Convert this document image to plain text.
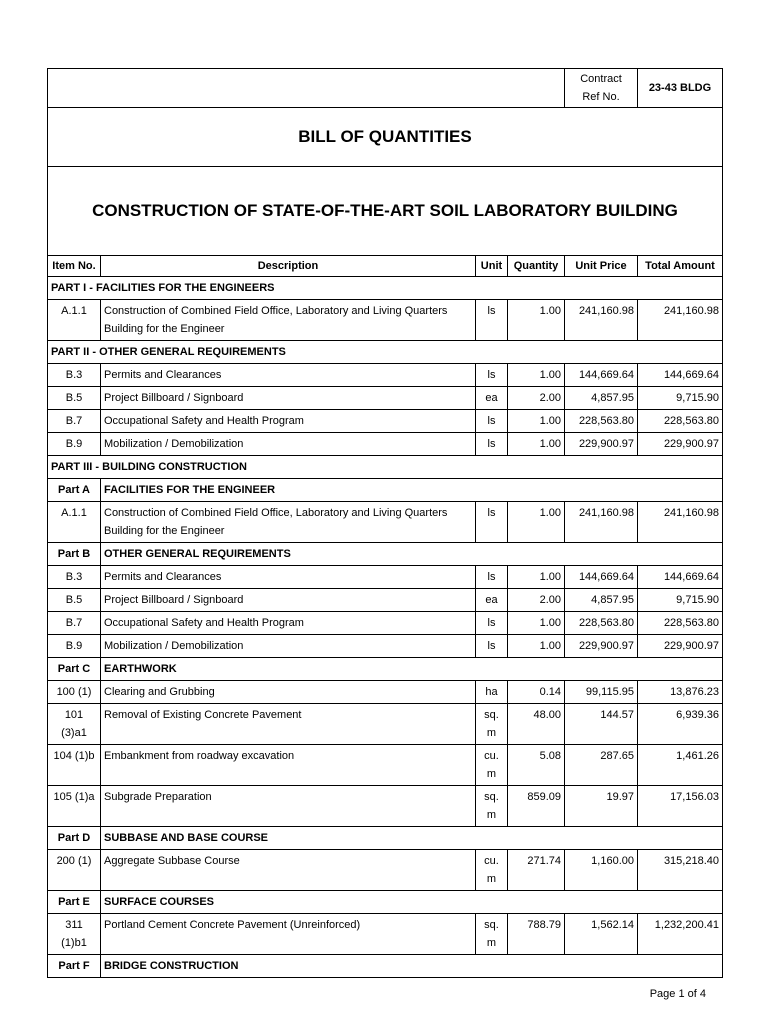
				Contract
Ref No.	23-43 BLDG
BILL OF QUANTITIES					
CONSTRUCTION OF STATE-OF-THE-ART SOIL LABORATORY BUILDING					
Item No.	Description	Unit	Quantity	Unit Price	Total Amount
PART I - FACILITIES FOR THE ENGINEERS					
A.1.1	Construction of Combined Field Office, Laboratory and Living Quarters Building for the Engineer	ls	1.00	241,160.98	241,160.98
PART II - OTHER GENERAL REQUIREMENTS					
B.3	Permits and Clearances	ls	1.00	144,669.64	144,669.64
B.5	Project Billboard / Signboard	ea	2.00	4,857.95	9,715.90
B.7	Occupational Safety and Health Program	ls	1.00	228,563.80	228,563.80
B.9	Mobilization / Demobilization	ls	1.00	229,900.97	229,900.97
PART III - BUILDING CONSTRUCTION					
Part A	FACILITIES FOR THE ENGINEER				
A.1.1	Construction of Combined Field Office, Laboratory and Living Quarters Building for the Engineer	ls	1.00	241,160.98	241,160.98
Part B	OTHER GENERAL REQUIREMENTS				
B.3	Permits and Clearances	ls	1.00	144,669.64	144,669.64
B.5	Project Billboard / Signboard	ea	2.00	4,857.95	9,715.90
B.7	Occupational Safety and Health Program	ls	1.00	228,563.80	228,563.80
B.9	Mobilization / Demobilization	ls	1.00	229,900.97	229,900.97
Part C	EARTHWORK				
100 (1)	Clearing and Grubbing	ha	0.14	99,115.95	13,876.23
101 (3)a1	Removal of Existing Concrete Pavement	sq. m	48.00	144.57	6,939.36
104 (1)b	Embankment from roadway excavation	cu. m	5.08	287.65	1,461.26
105 (1)a	Subgrade Preparation	sq. m	859.09	19.97	17,156.03
Part D	SUBBASE AND BASE COURSE				
200 (1)	Aggregate Subbase Course	cu. m	271.74	1,160.00	315,218.40
Part E	SURFACE COURSES				
311 (1)b1	Portland Cement Concrete Pavement (Unreinforced)	sq. m	788.79	1,562.14	1,232,200.41
Part F	BRIDGE CONSTRUCTION				
Page 1 of 4
